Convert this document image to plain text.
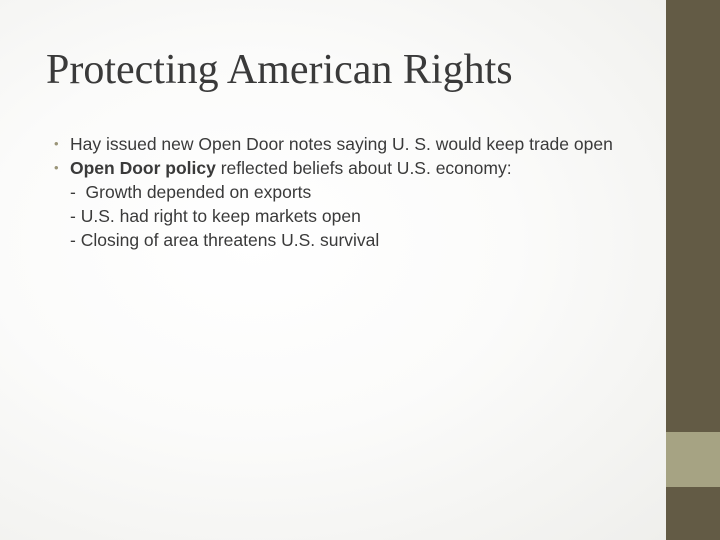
Protecting American Rights
• Hay issued new Open Door notes saying U. S. would keep trade open
• Open Door policy reflected beliefs about U.S. economy:
-  Growth depended on exports
- U.S. had right to keep markets open
- Closing of area threatens U.S. survival
